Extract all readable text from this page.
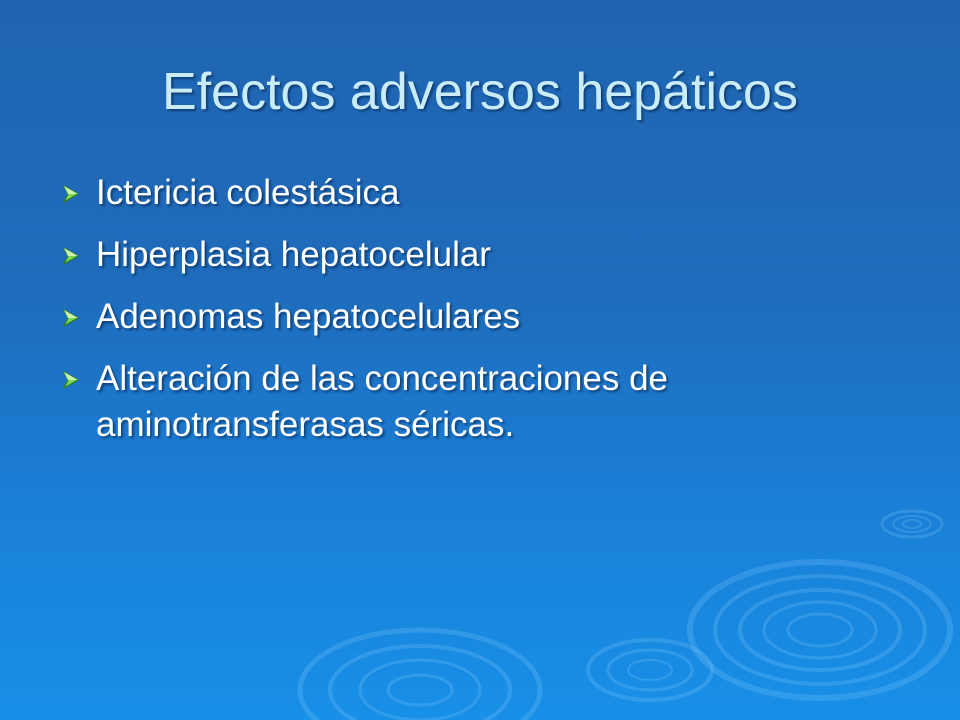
Efectos adversos hepáticos
Ictericia colestásica
Hiperplasia hepatocelular
Adenomas hepatocelulares
Alteración de las concentraciones de aminotransferasas séricas.
